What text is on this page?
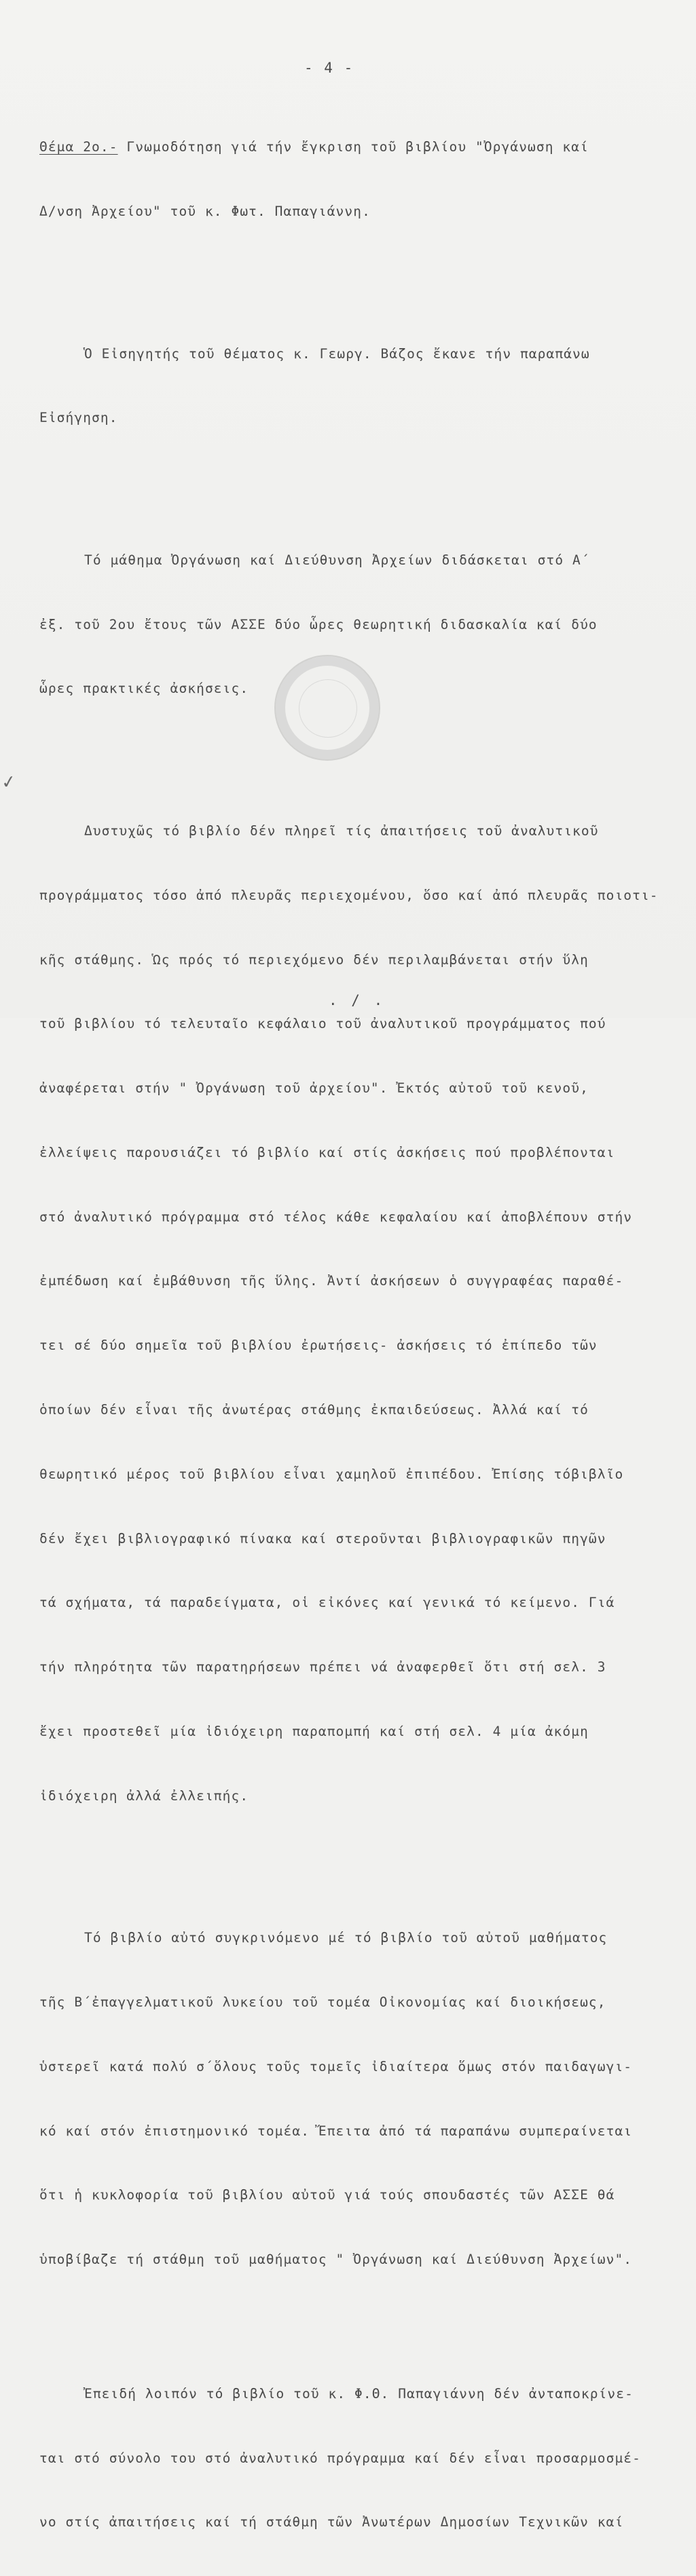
- 4 -
✓

Θέμα 2ο.- Γνωμοδότηση γιά τήν ἔγκριση τοῦ βιβλίου "Ὀργάνωση καί

Δ/νση Ἀρχείου" τοῦ κ. Φωτ. Παπαγιάννη.

Ὁ Εἰσηγητής τοῦ θέματος κ. Γεωργ. Βάζος ἔκανε τήν παραπάνω

Εἰσήγηση.

Τό μάθημα Ὀργάνωση καί Διεύθυνση Ἀρχείων διδάσκεται στό Α΄

ἐξ. τοῦ 2ου ἔτους τῶν ΑΣΣΕ δύο ὧρες θεωρητική διδασκαλία καί δύο

ὧρες πρακτικές ἀσκήσεις.

Δυστυχῶς τό βιβλίο δέν πληρεῖ τίς ἀπαιτήσεις τοῦ ἀναλυτικοῦ

προγράμματος τόσο ἀπό πλευρᾶς περιεχομένου, ὅσο καί ἀπό πλευρᾶς ποιοτι-

κῆς στάθμης. Ὡς πρός τό περιεχόμενο δέν περιλαμβάνεται στήν ὕλη

τοῦ βιβλίου τό τελευταῖο κεφάλαιο τοῦ ἀναλυτικοῦ προγράμματος πού

ἀναφέρεται στήν " Ὀργάνωση τοῦ ἀρχείου". Ἐκτός αὐτοῦ τοῦ κενοῦ,

ἐλλείψεις παρουσιάζει τό βιβλίο καί στίς ἀσκήσεις πού προβλέπονται

στό ἀναλυτικό πρόγραμμα στό τέλος κάθε κεφαλαίου καί ἀποβλέπουν στήν

ἐμπέδωση καί ἐμβάθυνση τῆς ὕλης. Ἀντί ἀσκήσεων ὁ συγγραφέας παραθέ-

τει σέ δύο σημεῖα τοῦ βιβλίου ἐρωτήσεις- ἀσκήσεις τό ἐπίπεδο τῶν

ὁποίων δέν εἶναι τῆς ἀνωτέρας στάθμης ἐκπαιδεύσεως. Ἀλλά καί τό

θεωρητικό μέρος τοῦ βιβλίου εἶναι χαμηλοῦ ἐπιπέδου. Ἐπίσης τόβιβλῖο

δέν ἔχει βιβλιογραφικό πίνακα καί στεροῦνται βιβλιογραφικῶν πηγῶν

τά σχήματα, τά παραδείγματα, οἱ εἰκόνες καί γενικά τό κείμενο. Γιά

τήν πληρότητα τῶν παρατηρήσεων πρέπει νά ἀναφερθεῖ ὅτι στή σελ. 3

ἔχει προστεθεῖ μία ἰδιόχειρη παραπομπή καί στή σελ. 4 μία ἀκόμη

ἰδιόχειρη ἀλλά ἐλλειπής.

Τό βιβλίο αὐτό συγκρινόμενο μέ τό βιβλίο τοῦ αὐτοῦ μαθήματος

τῆς Β΄ἐπαγγελματικοῦ λυκείου τοῦ τομέα Οἰκονομίας καί διοικήσεως,

ὑστερεῖ κατά πολύ σ΄ὅλους τοῦς τομεῖς ἰδιαίτερα ὅμως στόν παιδαγωγι-

κό καί στόν ἐπιστημονικό τομέα. Ἔπειτα ἀπό τά παραπάνω συμπεραίνεται

ὅτι ἡ κυκλοφορία τοῦ βιβλίου αὐτοῦ γιά τούς σπουδαστές τῶν ΑΣΣΕ θά

ὑποβίβαζε τή στάθμη τοῦ μαθήματος " Ὀργάνωση καί Διεύθυνση Ἀρχείων".

Ἐπειδή λοιπόν τό βιβλίο τοῦ κ. Φ.Θ. Παπαγιάννη δέν ἀνταποκρίνε-

ται στό σύνολο του στό ἀναλυτικό πρόγραμμα καί δέν εἶναι προσαρμοσμέ-

νο στίς ἀπαιτήσεις καί τή στάθμη τῶν Ἀνωτέρων Δημοσίων Τεχνικῶν καί

. / .
